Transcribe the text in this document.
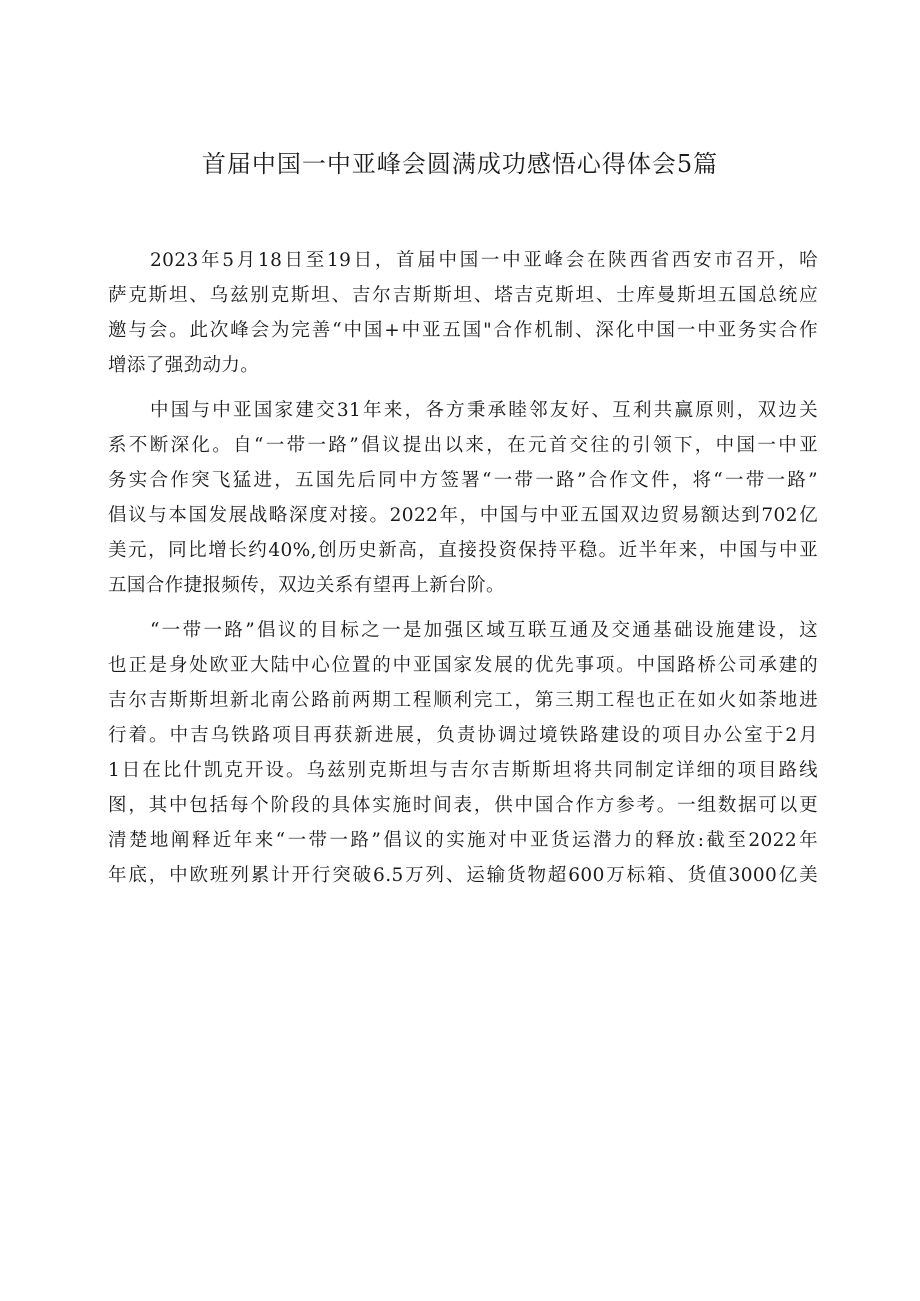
首届中国一中亚峰会圆满成功感悟心得体会5篇

2023年5月18日至19日，首届中国一中亚峰会在陕西省西安市召开，哈
萨克斯坦、乌兹别克斯坦、吉尔吉斯斯坦、塔吉克斯坦、士库曼斯坦五国总统应
邀与会。此次峰会为完善“中国+中亚五国"合作机制、深化中国一中亚务实合作
增添了强劲动力。

中国与中亚国家建交31年来，各方秉承睦邻友好、互利共赢原则，双边关
系不断深化。自“一带一路”倡议提出以来，在元首交往的引领下，中国一中亚
务实合作突飞猛进，五国先后同中方签署“一带一路”合作文件，将“一带一路”
倡议与本国发展战略深度对接。2022年，中国与中亚五国双边贸易额达到702亿
美元，同比增长约40%,创历史新高，直接投资保持平稳。近半年来，中国与中亚
五国合作捷报频传，双边关系有望再上新台阶。

“一带一路”倡议的目标之一是加强区域互联互通及交通基础设施建设，这
也正是身处欧亚大陆中心位置的中亚国家发展的优先事项。中国路桥公司承建的
吉尔吉斯斯坦新北南公路前两期工程顺利完工，第三期工程也正在如火如荼地进
行着。中吉乌铁路项目再获新进展，负责协调过境铁路建设的项目办公室于2月
1日在比什凯克开设。乌兹别克斯坦与吉尔吉斯斯坦将共同制定详细的项目路线
图，其中包括每个阶段的具体实施时间表，供中国合作方参考。一组数据可以更
清楚地阐释近年来“一带一路”倡议的实施对中亚货运潜力的释放:截至2022年
年底，中欧班列累计开行突破6.5万列、运输货物超600万标箱、货值3000亿美
